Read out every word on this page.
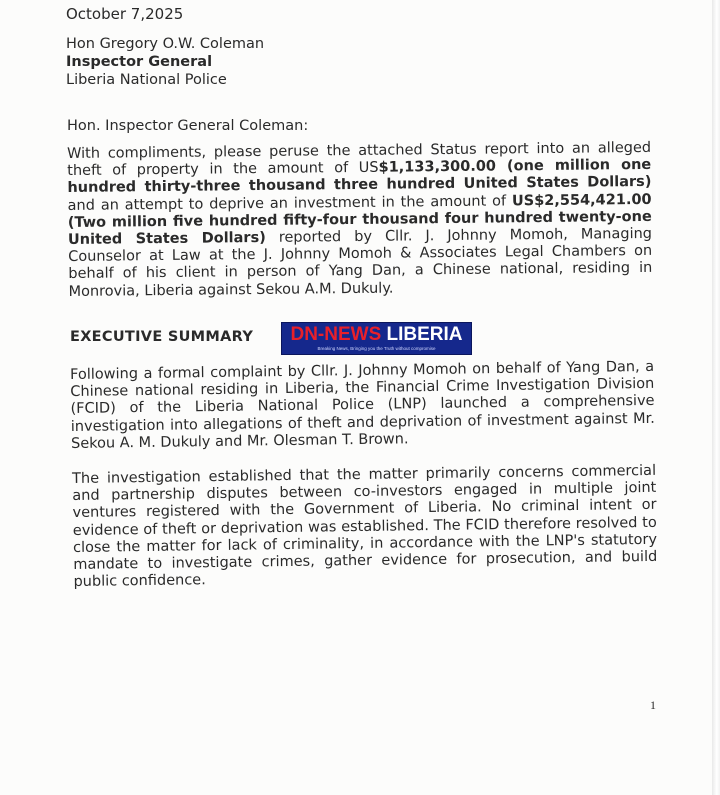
October 7,2025
Hon Gregory O.W. Coleman
Inspector General
Liberia National Police
Hon. Inspector General Coleman:

With compliments, please peruse the attached Status report into an alleged theft of property in the amount of US$1,133,300.00 (one million one hundred thirty-three thousand three hundred United States Dollars) and an attempt to deprive an investment in the amount of US$2,554,421.00 (Two million five hundred fifty-four thousand four hundred twenty-one United States Dollars) reported by Cllr. J. Johnny Momoh, Managing Counselor at Law at the J. Johnny Momoh & Associates Legal Chambers on behalf of his client in person of Yang Dan, a Chinese national, residing in Monrovia, Liberia against Sekou A.M. Dukuly.

EXECUTIVE SUMMARY	DN-NEWS LIBERIA
Breaking News, Bringing you the Truth without compromise

Following a formal complaint by Cllr. J. Johnny Momoh on behalf of Yang Dan, a Chinese national residing in Liberia, the Financial Crime Investigation Division (FCID) of the Liberia National Police (LNP) launched a comprehensive investigation into allegations of theft and deprivation of investment against Mr. Sekou A. M. Dukuly and Mr. Olesman T. Brown.

The investigation established that the matter primarily concerns commercial and partnership disputes between co-investors engaged in multiple joint ventures registered with the Government of Liberia. No criminal intent or evidence of theft or deprivation was established. The FCID therefore resolved to close the matter for lack of criminality, in accordance with the LNP's statutory mandate to investigate crimes, gather evidence for prosecution, and build public confidence.

1
